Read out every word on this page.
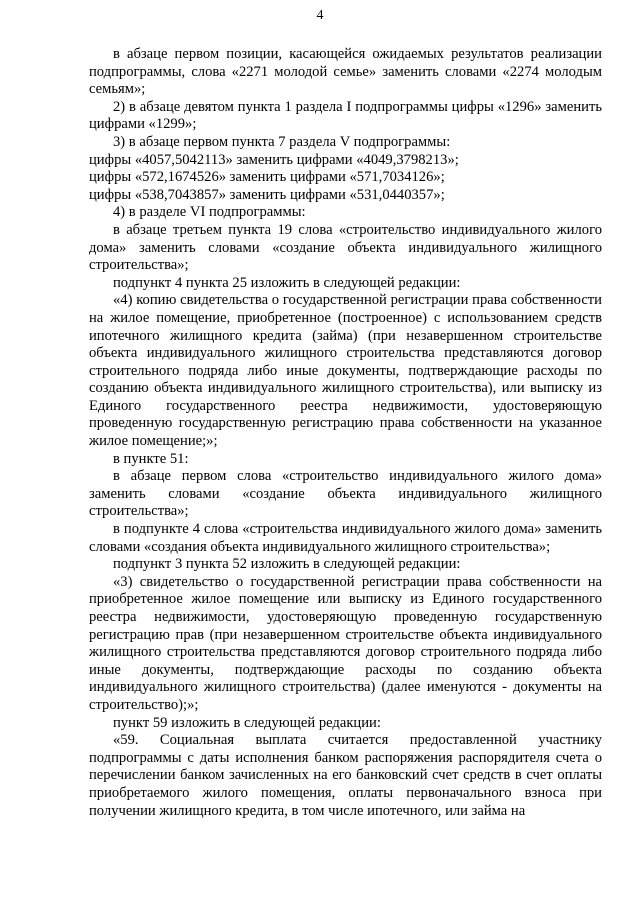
4

в абзаце первом позиции, касающейся ожидаемых результатов реализации подпрограммы, слова «2271 молодой семье» заменить словами «2274 молодым семьям»;

2) в абзаце девятом пункта 1 раздела I подпрограммы цифры «1296» заменить цифрами «1299»;

3) в абзаце первом пункта 7 раздела V подпрограммы:

цифры «4057,5042113» заменить цифрами «4049,3798213»;

цифры «572,1674526» заменить цифрами «571,7034126»;

цифры «538,7043857» заменить цифрами «531,0440357»;

4) в разделе VI подпрограммы:

в абзаце третьем пункта 19 слова «строительство индивидуального жилого дома» заменить словами «создание объекта индивидуального жилищного строительства»;

подпункт 4 пункта 25 изложить в следующей редакции:

«4) копию свидетельства о государственной регистрации права собственности на жилое помещение, приобретенное (построенное) с использованием средств ипотечного жилищного кредита (займа) (при незавершенном строительстве объекта индивидуального жилищного строительства представляются договор строительного подряда либо иные документы, подтверждающие расходы по созданию объекта индивидуального жилищного строительства), или выписку из Единого государственного реестра недвижимости, удостоверяющую проведенную государственную регистрацию права собственности на указанное жилое помещение;»;

в пункте 51:

в абзаце первом слова «строительство индивидуального жилого дома» заменить словами «создание объекта индивидуального жилищного строительства»;

в подпункте 4 слова «строительства индивидуального жилого дома» заменить словами «создания объекта индивидуального жилищного строительства»;

подпункт 3 пункта 52 изложить в следующей редакции:

«3) свидетельство о государственной регистрации права собственности на приобретенное жилое помещение или выписку из Единого государственного реестра недвижимости, удостоверяющую проведенную государственную регистрацию прав (при незавершенном строительстве объекта индивидуального жилищного строительства представляются договор строительного подряда либо иные документы, подтверждающие расходы по созданию объекта индивидуального жилищного строительства) (далее именуются - документы на строительство);»;

пункт 59 изложить в следующей редакции:

«59. Социальная выплата считается предоставленной участнику подпрограммы с даты исполнения банком распоряжения распорядителя счета о перечислении банком зачисленных на его банковский счет средств в счет оплаты приобретаемого жилого помещения, оплаты первоначального взноса при получении жилищного кредита, в том числе ипотечного, или займа на
